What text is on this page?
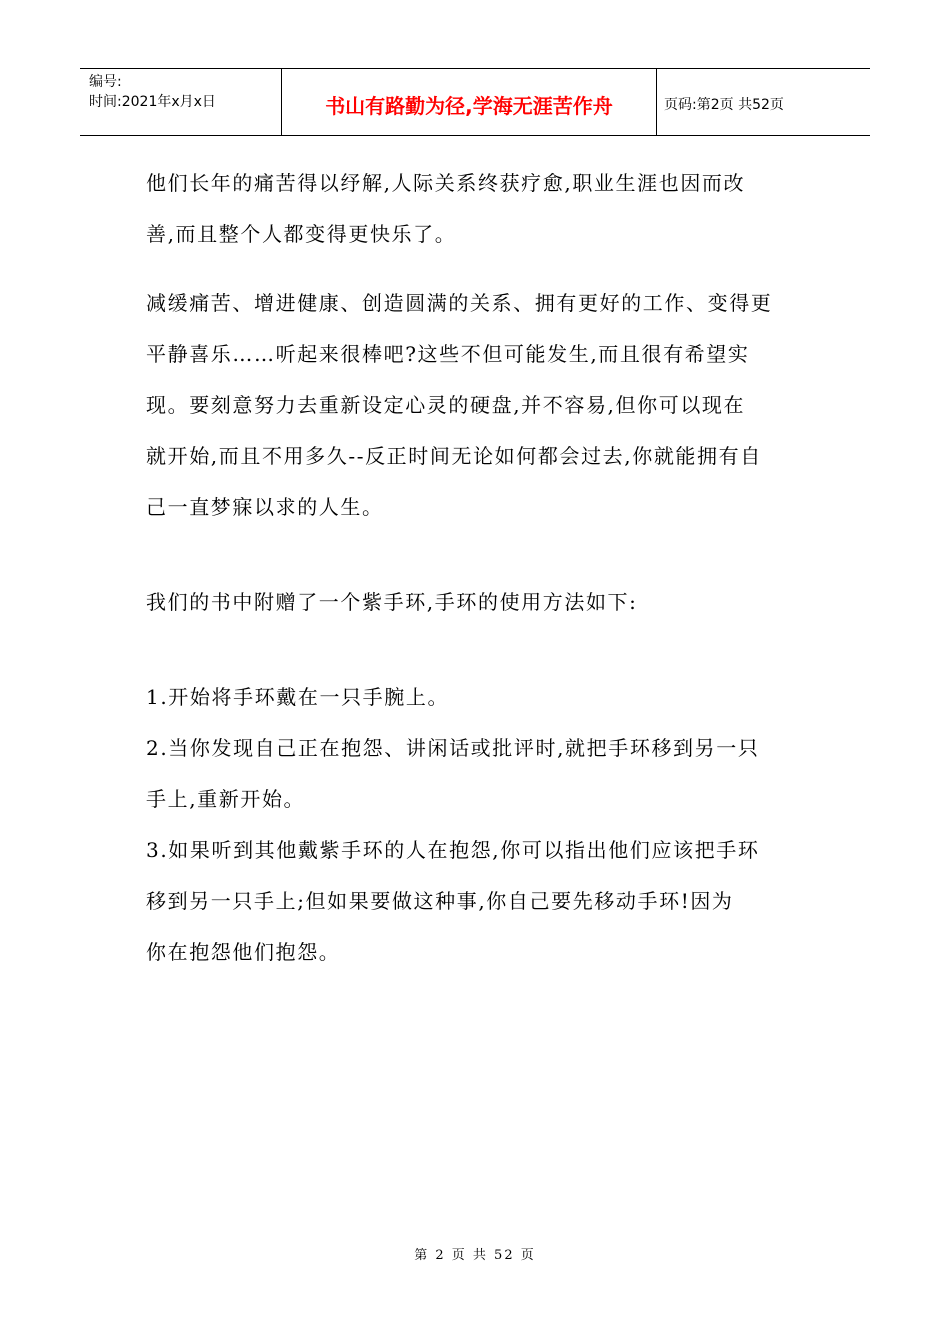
编号:
时间:2021年x月x日	书山有路勤为径,学海无涯苦作舟	页码:第2页 共52页

他们长年的痛苦得以纾解,人际关系终获疗愈,职业生涯也因而改
善,而且整个人都变得更快乐了。

减缓痛苦、增进健康、创造圆满的关系、拥有更好的工作、变得更
平静喜乐……听起来很棒吧?这些不但可能发生,而且很有希望实
现。要刻意努力去重新设定心灵的硬盘,并不容易,但你可以现在
就开始,而且不用多久--反正时间无论如何都会过去,你就能拥有自
己一直梦寐以求的人生。

我们的书中附赠了一个紫手环,手环的使用方法如下:

1.开始将手环戴在一只手腕上。
2.当你发现自己正在抱怨、讲闲话或批评时,就把手环移到另一只
手上,重新开始。
3.如果听到其他戴紫手环的人在抱怨,你可以指出他们应该把手环
移到另一只手上;但如果要做这种事,你自己要先移动手环!因为
你在抱怨他们抱怨。

第 2 页 共 52 页
